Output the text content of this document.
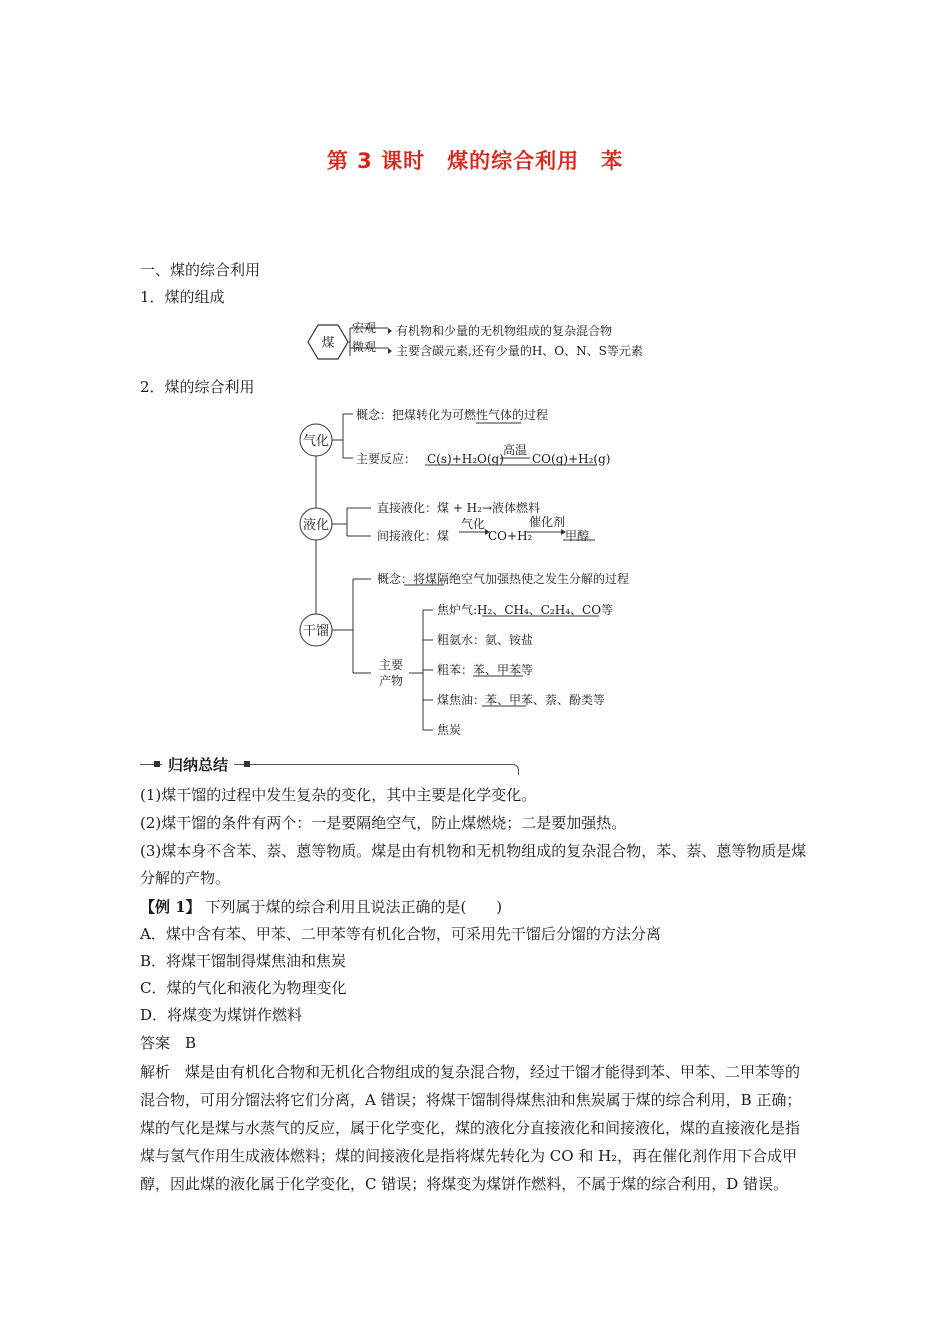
第 3 课时　煤的综合利用　苯
一、煤的综合利用
1．煤的组成
煤
宏观
微观
有机物和少量的无机物组成的复杂混合物
主要含碳元素,还有少量的H、O、N、S等元素
2．煤的综合利用
气化
液化
干馏
概念：把煤转化为可燃性气体的过程
主要反应： C(s)+H₂O(g)
高温
CO(g)+H₂(g)
直接液化：煤 + H₂→液体燃料
间接液化：煤
气化
CO+H₂
催化剂
甲醇
概念：将煤隔绝空气加强热使之发生分解的过程
主要
产物
焦炉气:H₂、CH₄、C₂H₄、CO等
粗氨水：氨、铵盐
粗苯：苯、甲苯等
煤焦油：苯、甲苯、萘、酚类等
焦炭
归纳总结
(1)煤干馏的过程中发生复杂的变化，其中主要是化学变化。
(2)煤干馏的条件有两个：一是要隔绝空气，防止煤燃烧；二是要加强热。
(3)煤本身不含苯、萘、蒽等物质。煤是由有机物和无机物组成的复杂混合物，苯、萘、蒽等物质是煤分解的产物。
【例 1】 下列属于煤的综合利用且说法正确的是(　　)
A．煤中含有苯、甲苯、二甲苯等有机化合物，可采用先干馏后分馏的方法分离
B．将煤干馏制得煤焦油和焦炭
C．煤的气化和液化为物理变化
D．将煤变为煤饼作燃料
答案　B
解析　煤是由有机化合物和无机化合物组成的复杂混合物，经过干馏才能得到苯、甲苯、二甲苯等的混合物，可用分馏法将它们分离，A 错误；将煤干馏制得煤焦油和焦炭属于煤的综合利用，B 正确；煤的气化是煤与水蒸气的反应，属于化学变化，煤的液化分直接液化和间接液化，煤的直接液化是指煤与氢气作用生成液体燃料；煤的间接液化是指将煤先转化为 CO 和 H₂，再在催化剂作用下合成甲醇，因此煤的液化属于化学变化，C 错误；将煤变为煤饼作燃料，不属于煤的综合利用，D 错误。
